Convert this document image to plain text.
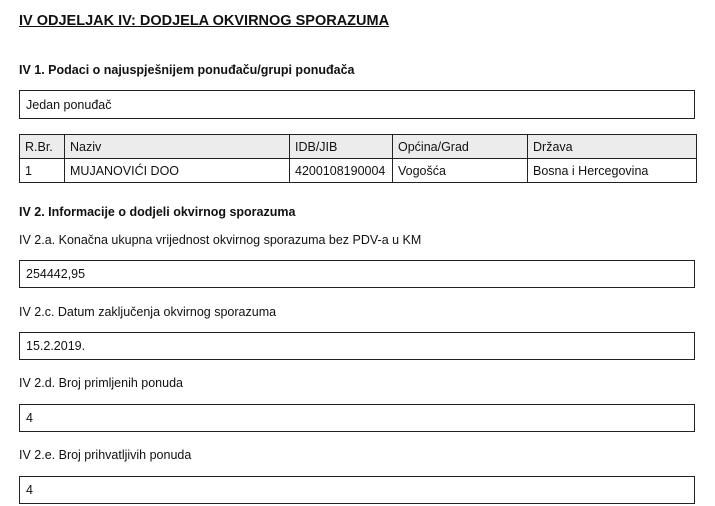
IV ODJELJAK IV: DODJELA OKVIRNOG SPORAZUMA
IV 1. Podaci o najuspješnijem ponuđaču/grupi ponuđača
Jedan ponuđač
R.Br.	Naziv	IDB/JIB	Općina/Grad	Država
1	MUJANOVIĆI DOO	4200108190004	Vogošća	Bosna i Hercegovina
IV 2. Informacije o dodjeli okvirnog sporazuma
IV 2.a. Konačna ukupna vrijednost okvirnog sporazuma bez PDV-a u KM
254442,95
IV 2.c. Datum zaključenja okvirnog sporazuma
15.2.2019.
IV 2.d. Broj primljenih ponuda
4
IV 2.e. Broj prihvatljivih ponuda
4
